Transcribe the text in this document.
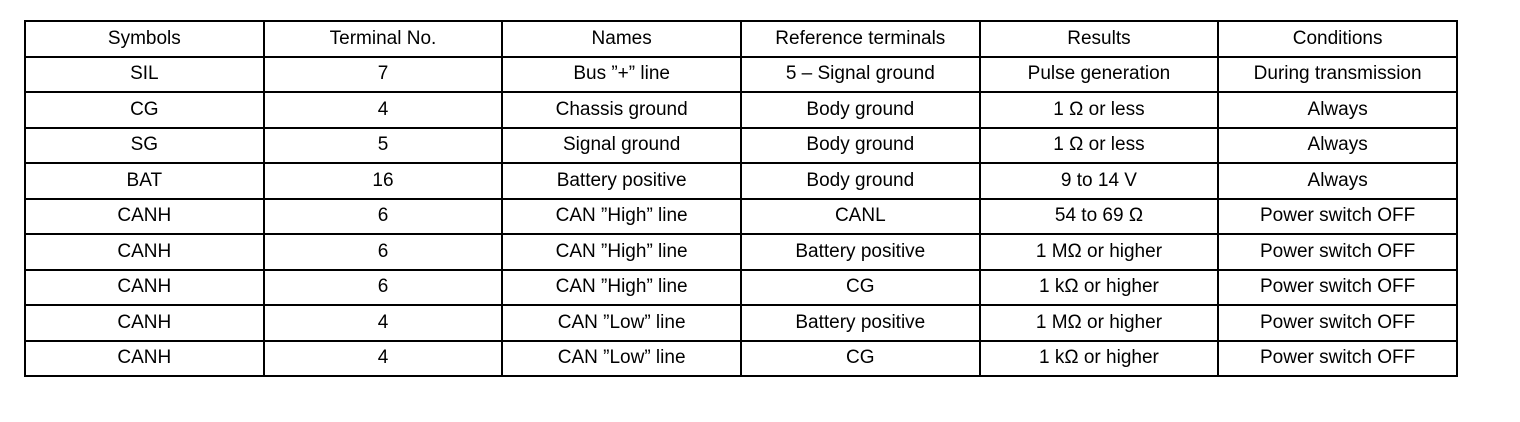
Symbols	Terminal No.	Names	Reference terminals	Results	Conditions
SIL	7	Bus ”+” line	5 – Signal ground	Pulse generation	During transmission
CG	4	Chassis ground	Body ground	1 Ω or less	Always
SG	5	Signal ground	Body ground	1 Ω or less	Always
BAT	16	Battery positive	Body ground	9 to 14 V	Always
CANH	6	CAN ”High” line	CANL	54 to 69 Ω	Power switch OFF
CANH	6	CAN ”High” line	Battery positive	1 MΩ or higher	Power switch OFF
CANH	6	CAN ”High” line	CG	1 kΩ or higher	Power switch OFF
CANH	4	CAN ”Low” line	Battery positive	1 MΩ or higher	Power switch OFF
CANH	4	CAN ”Low” line	CG	1 kΩ or higher	Power switch OFF
